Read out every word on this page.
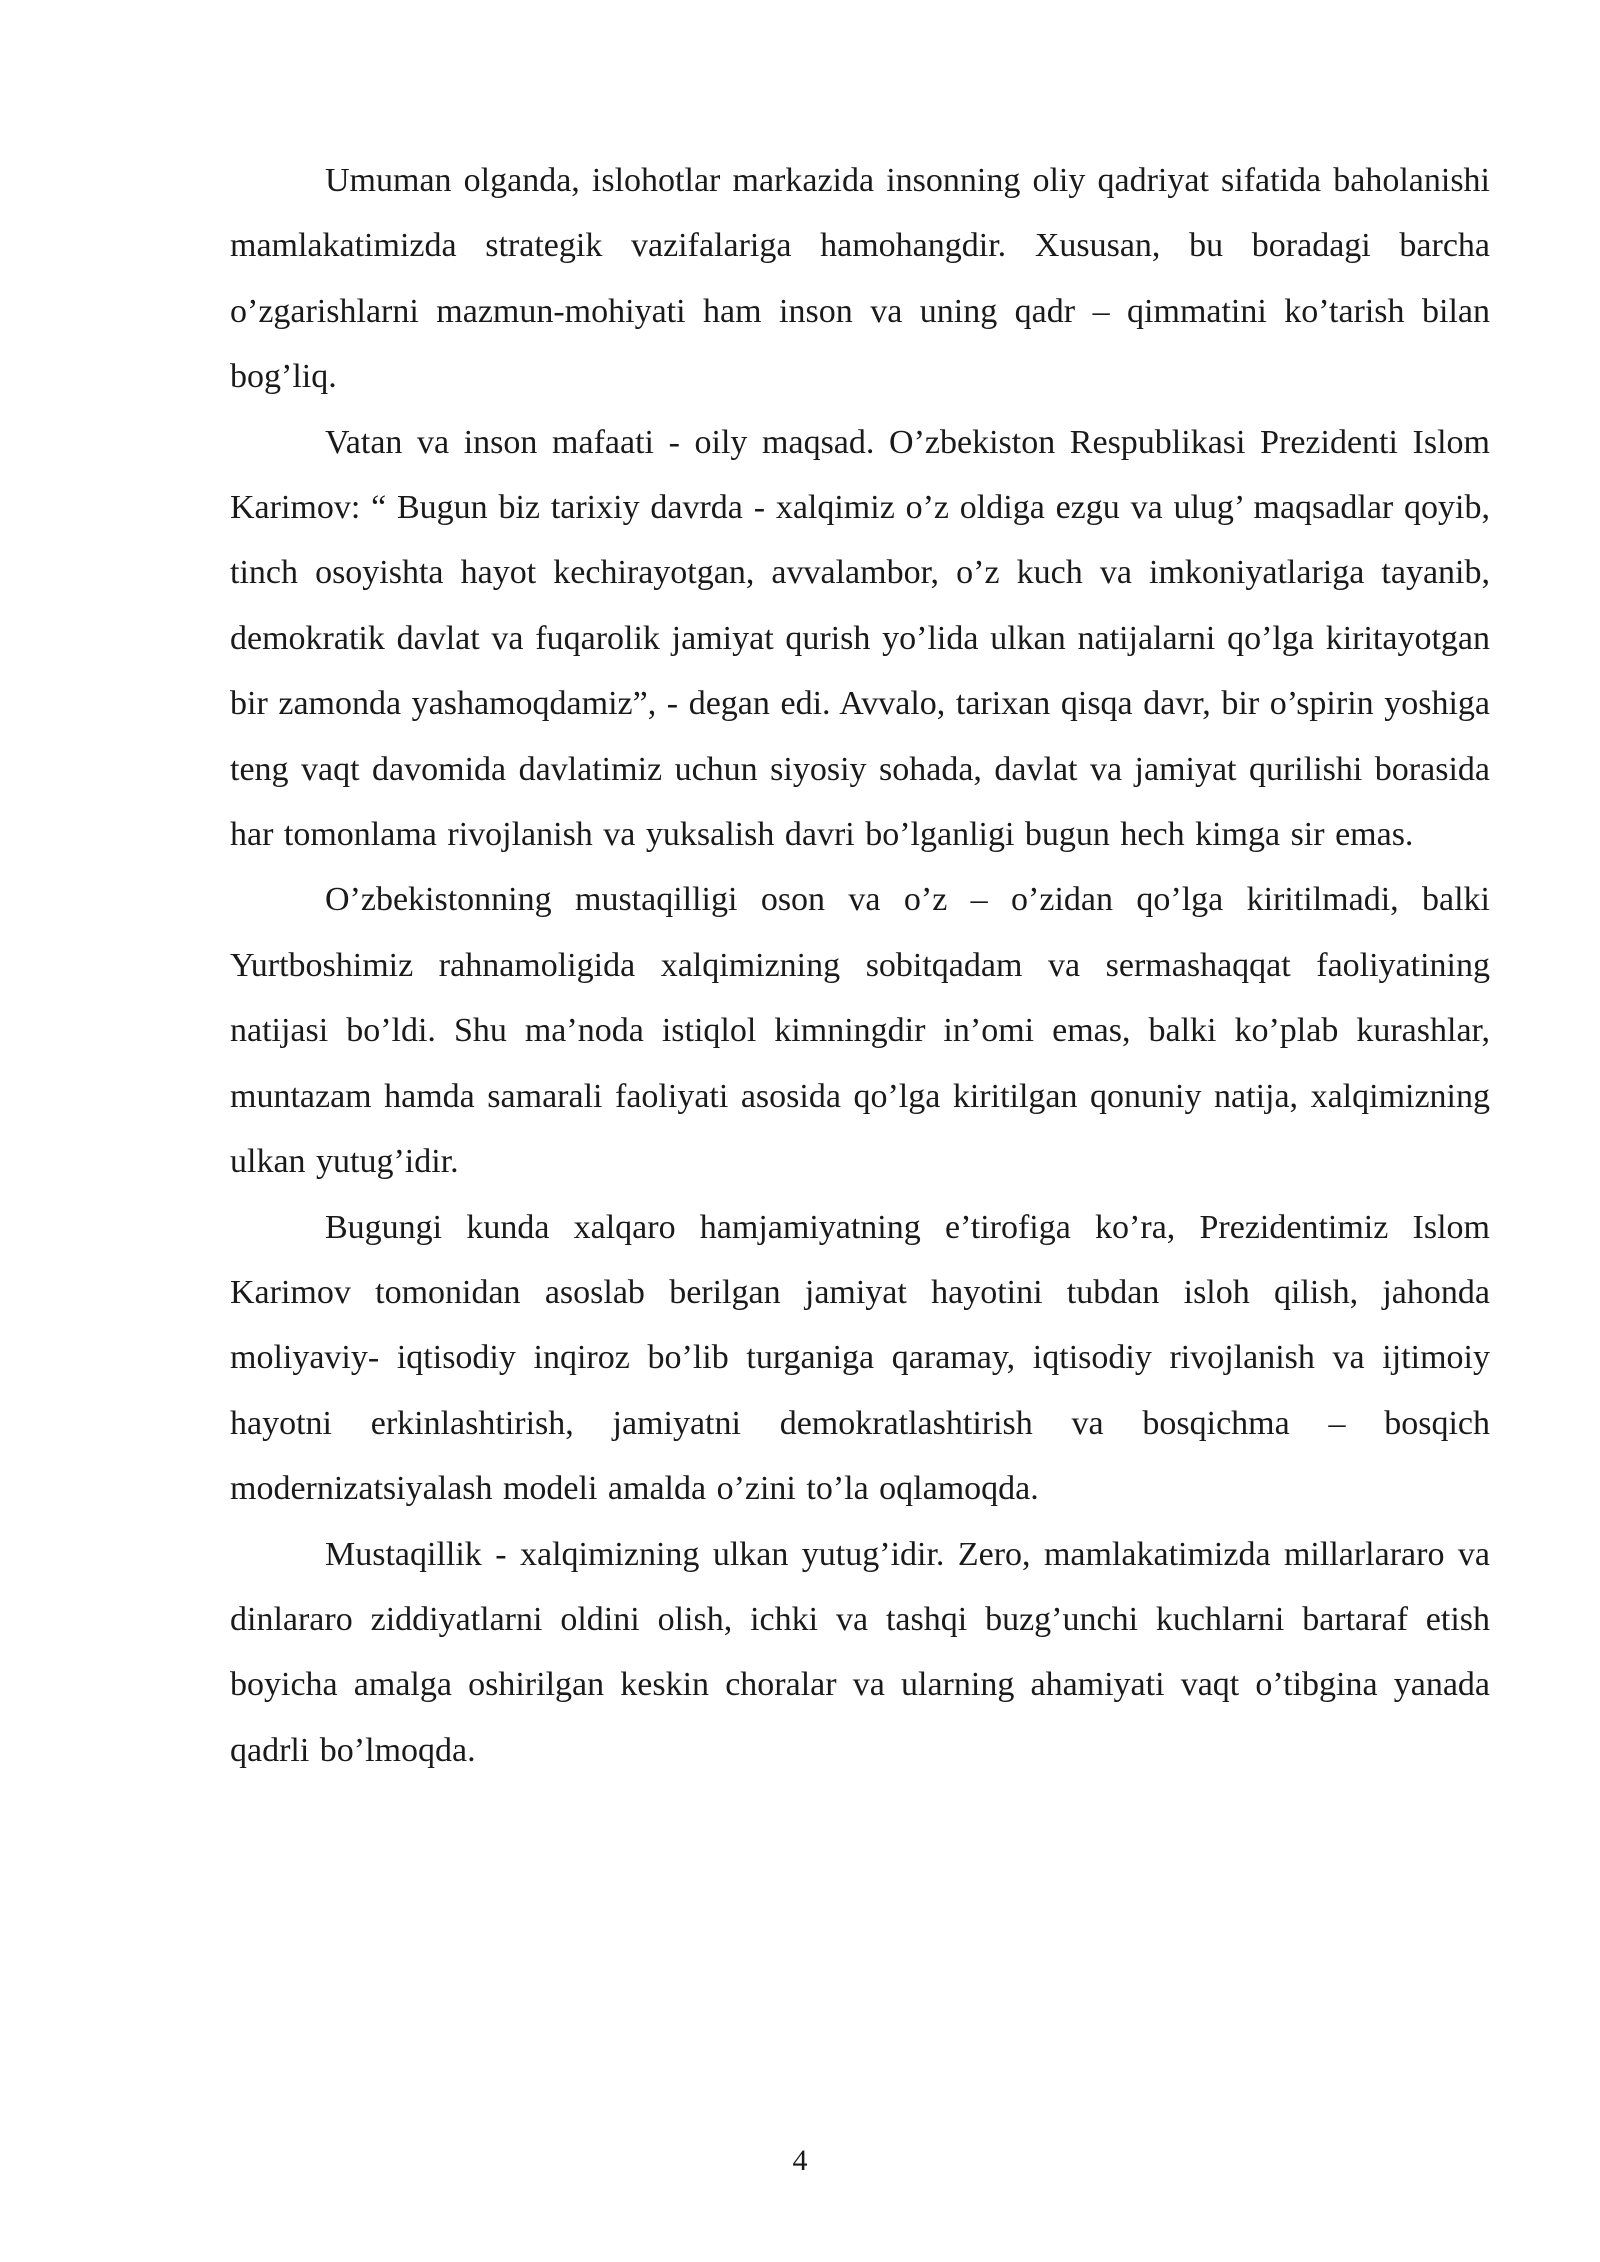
Umuman olganda, islohotlar markazida insonning oliy qadriyat sifatida baholanishi mamlakatimizda strategik vazifalariga hamohangdir. Xususan, bu boradagi barcha o’zgarishlarni mazmun-mohiyati ham inson va uning qadr – qimmatini ko’tarish bilan bog’liq.

Vatan va inson mafaati - oily maqsad. O’zbekiston Respublikasi Prezidenti Islom Karimov: “ Bugun biz tarixiy davrda - xalqimiz o’z oldiga ezgu va ulug’ maqsadlar qoyib, tinch osoyishta hayot kechirayotgan, avvalambor, o’z kuch va imkoniyatlariga tayanib, demokratik davlat va fuqarolik jamiyat qurish yo’lida ulkan natijalarni qo’lga kiritayotgan bir zamonda yashamoqdamiz”, - degan edi. Avvalo, tarixan qisqa davr, bir o’spirin yoshiga teng vaqt davomida davlatimiz uchun siyosiy sohada, davlat va jamiyat qurilishi borasida har tomonlama rivojlanish va yuksalish davri bo’lganligi bugun hech kimga sir emas.

O’zbekistonning mustaqilligi oson va o’z – o’zidan qo’lga kiritilmadi, balki Yurtboshimiz rahnamoligida xalqimizning sobitqadam va sermashaqqat faoliyatining natijasi bo’ldi. Shu ma’noda istiqlol kimningdir in’omi emas, balki ko’plab kurashlar, muntazam hamda samarali faoliyati asosida qo’lga kiritilgan qonuniy natija, xalqimizning ulkan yutug’idir.

Bugungi kunda xalqaro hamjamiyatning e’tirofiga ko’ra, Prezidentimiz Islom Karimov tomonidan asoslab berilgan jamiyat hayotini tubdan isloh qilish, jahonda moliyaviy- iqtisodiy inqiroz bo’lib turganiga qaramay, iqtisodiy rivojlanish va ijtimoiy hayotni erkinlashtirish, jamiyatni demokratlashtirish va bosqichma – bosqich modernizatsiyalash modeli amalda o’zini to’la oqlamoqda.

Mustaqillik - xalqimizning ulkan yutug’idir. Zero, mamlakatimizda millarlararo va dinlararo ziddiyatlarni oldini olish, ichki va tashqi buzg’unchi kuchlarni bartaraf etish boyicha amalga oshirilgan keskin choralar va ularning ahamiyati vaqt o’tibgina yanada qadrli bo’lmoqda.

4
